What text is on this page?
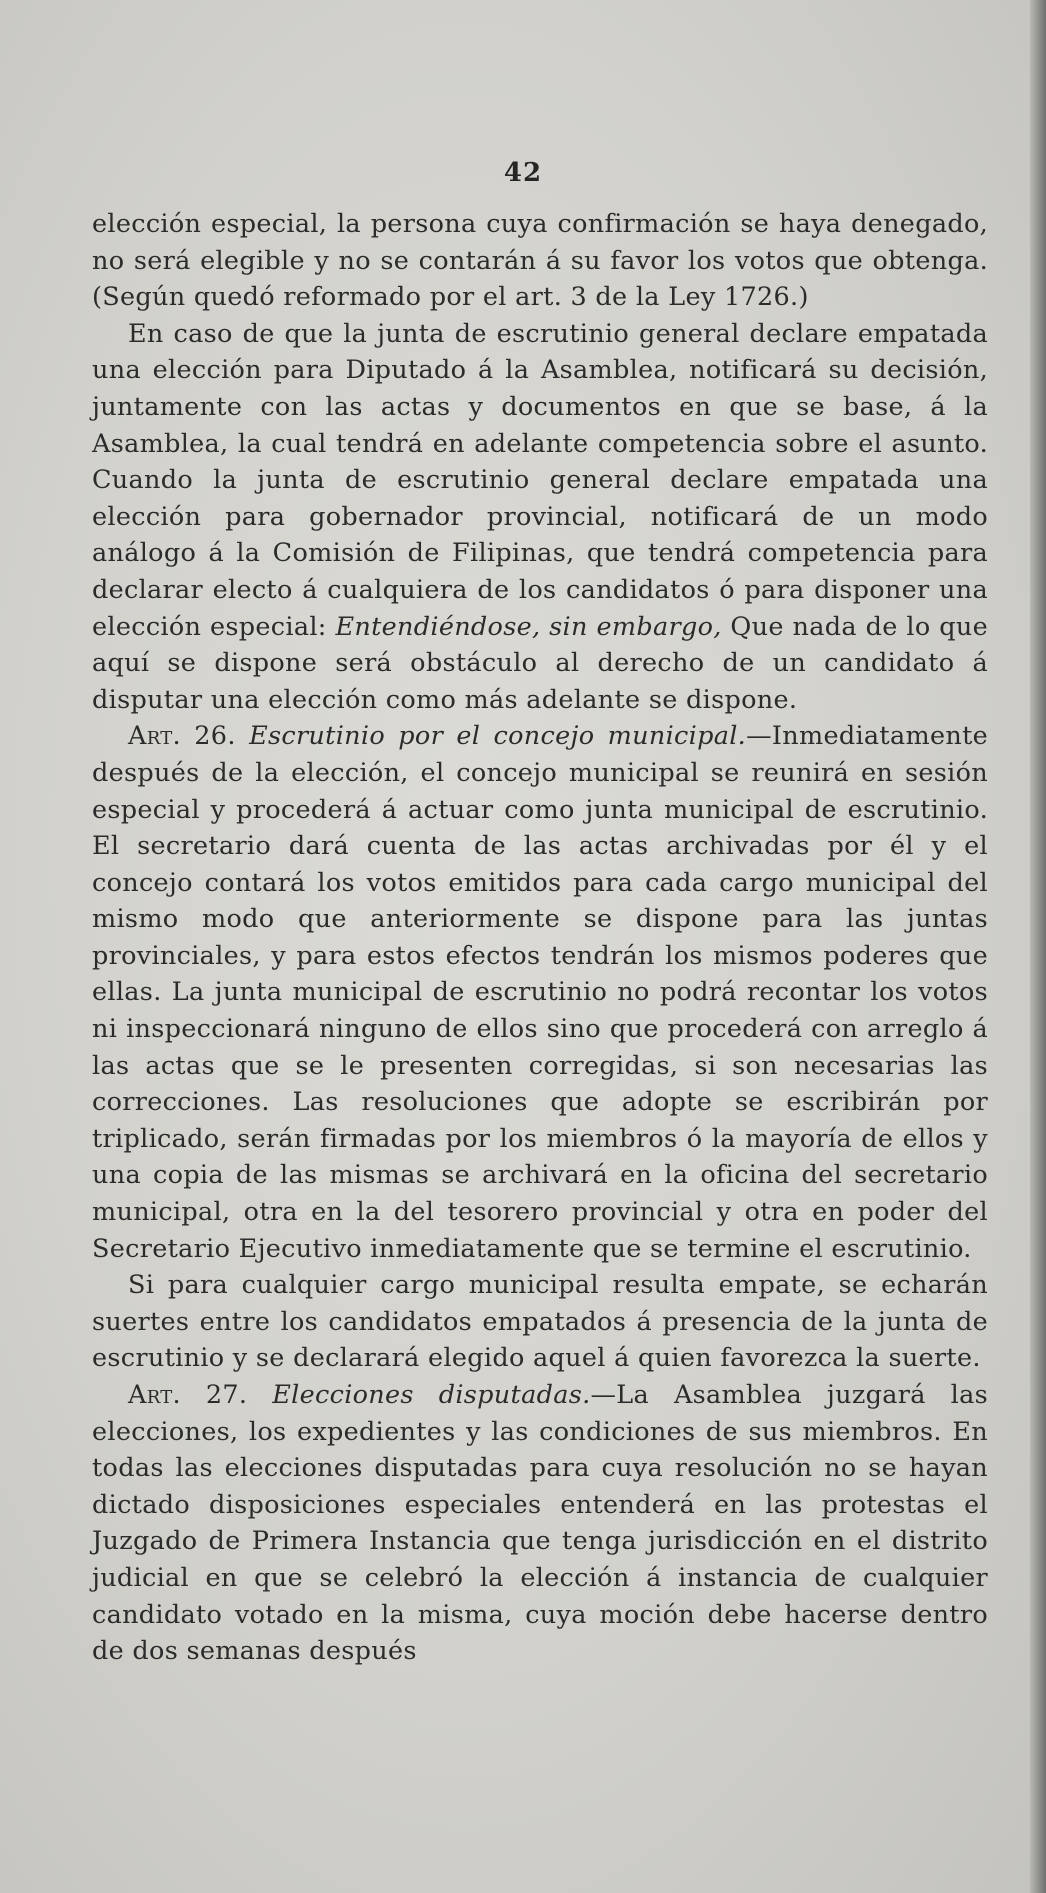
42

elección especial, la persona cuya confirmación se haya denegado, no será elegible y no se contarán á su favor los votos que obtenga. (Según quedó reformado por el art. 3 de la Ley 1726.)

En caso de que la junta de escrutinio general declare empatada una elección para Diputado á la Asamblea, notificará su decisión, juntamente con las actas y documentos en que se base, á la Asamblea, la cual tendrá en adelante competencia sobre el asunto. Cuando la junta de escrutinio general declare empatada una elección para gobernador provincial, notificará de un modo análogo á la Comisión de Filipinas, que tendrá competencia para declarar electo á cualquiera de los candidatos ó para disponer una elección especial: Entendiéndose, sin embargo, Que nada de lo que aquí se dispone será obstáculo al derecho de un candidato á disputar una elección como más adelante se dispone.

Art. 26. Escrutinio por el concejo municipal.—Inmediatamente después de la elección, el concejo municipal se reunirá en sesión especial y procederá á actuar como junta municipal de escrutinio. El secretario dará cuenta de las actas archivadas por él y el concejo contará los votos emitidos para cada cargo municipal del mismo modo que anteriormente se dispone para las juntas provinciales, y para estos efectos tendrán los mismos poderes que ellas. La junta municipal de escrutinio no podrá recontar los votos ni inspeccionará ninguno de ellos sino que procederá con arreglo á las actas que se le presenten corregidas, si son necesarias las correcciones. Las resoluciones que adopte se escribirán por triplicado, serán firmadas por los miembros ó la mayoría de ellos y una copia de las mismas se archivará en la oficina del secretario municipal, otra en la del tesorero provincial y otra en poder del Secretario Ejecutivo inmediatamente que se termine el escrutinio.

Si para cualquier cargo municipal resulta empate, se echarán suertes entre los candidatos empatados á presencia de la junta de escrutinio y se declarará elegido aquel á quien favorezca la suerte.

Art. 27. Elecciones disputadas.—La Asamblea juzgará las elecciones, los expedientes y las condiciones de sus miembros. En todas las elecciones disputadas para cuya resolución no se hayan dictado disposiciones especiales entenderá en las protestas el Juzgado de Primera Instancia que tenga jurisdicción en el distrito judicial en que se celebró la elección á instancia de cualquier candidato votado en la misma, cuya moción debe hacerse dentro de dos semanas después
